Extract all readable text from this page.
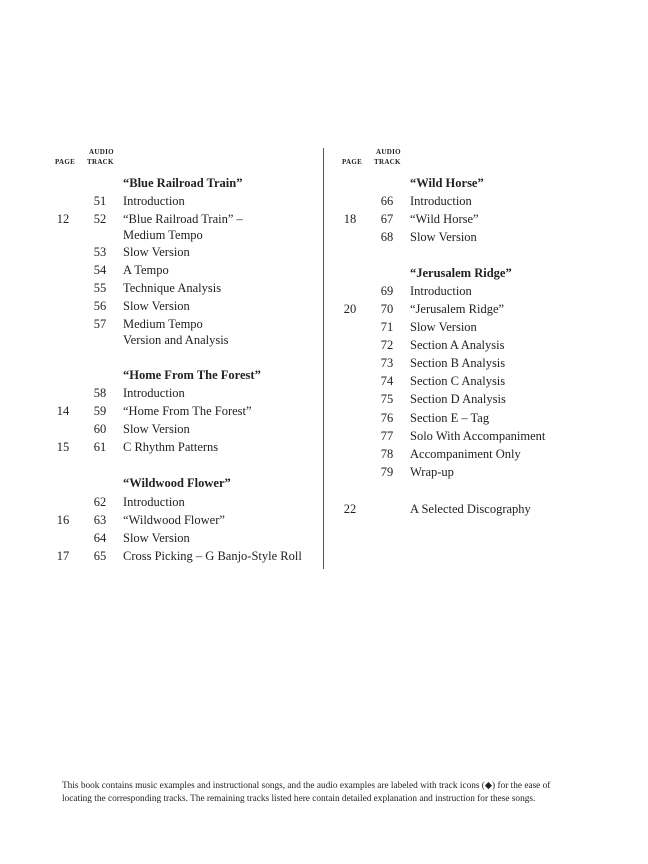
PAGE
AUDIO
TRACK
“Blue Railroad Train”
51	Introduction
12	52	“Blue Railroad Train” –
Medium Tempo
53	Slow Version
54	A Tempo
55	Technique Analysis
56	Slow Version
57	Medium Tempo
Version and Analysis
“Home From The Forest”
58	Introduction
14	59	“Home From The Forest”
60	Slow Version
15	61	C Rhythm Patterns
“Wildwood Flower”
62	Introduction
16	63	“Wildwood Flower”
64	Slow Version
17	65	Cross Picking – G Banjo-Style Roll
PAGE
AUDIO
TRACK
“Wild Horse”
66	Introduction
18	67	“Wild Horse”
68	Slow Version
“Jerusalem Ridge”
69	Introduction
20	70	“Jerusalem Ridge”
71	Slow Version
72	Section A Analysis
73	Section B Analysis
74	Section C Analysis
75	Section D Analysis
76	Section E – Tag
77	Solo With Accompaniment
78	Accompaniment Only
79	Wrap-up
22	A Selected Discography
This book contains music examples and instructional songs, and the audio examples are labeled with track icons (◆) for the ease of
locating the corresponding tracks. The remaining tracks listed here contain detailed explanation and instruction for these songs.
